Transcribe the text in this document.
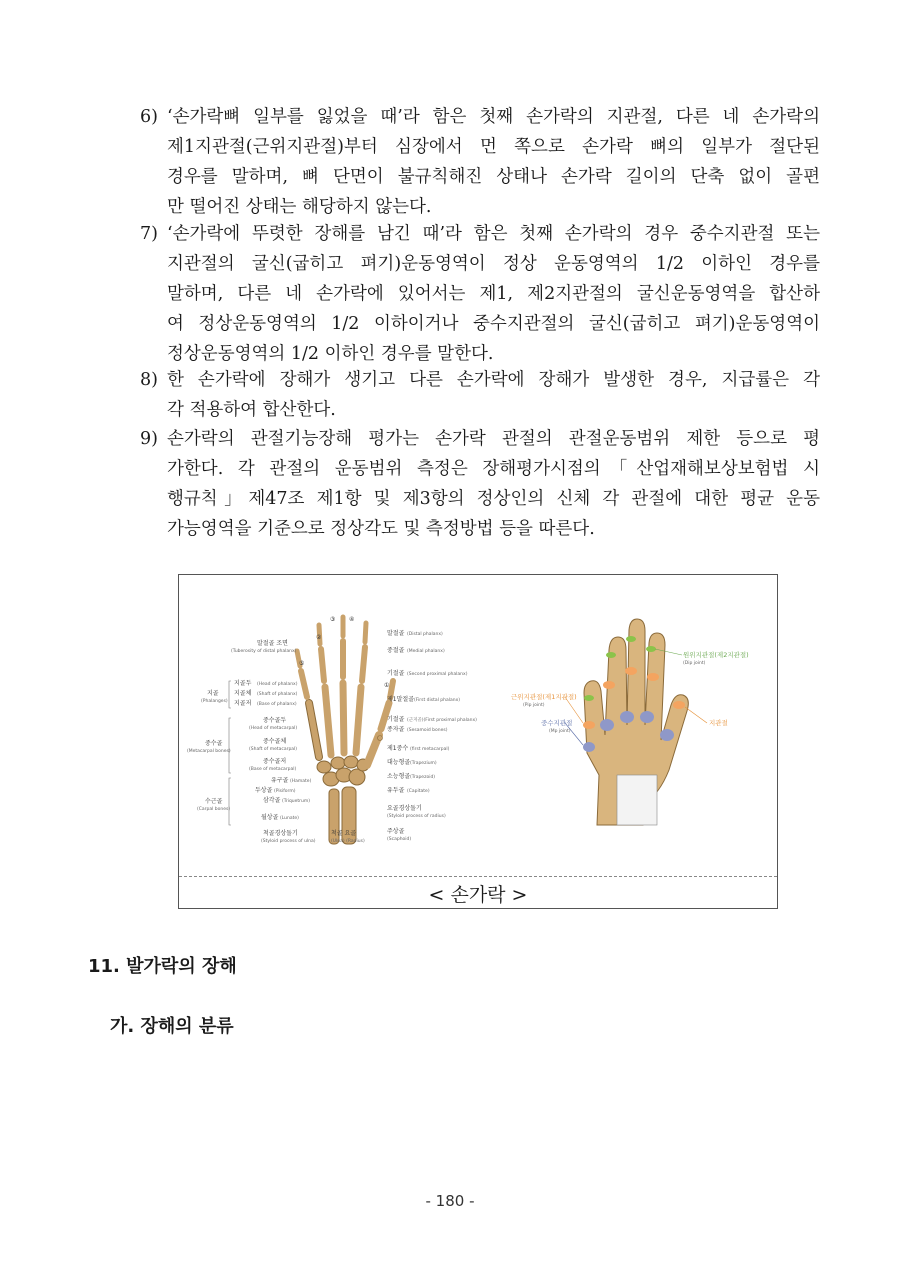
6) ‘손가락뼈 일부를 잃었을 때’라 함은 첫째 손가락의 지관절, 다른 네 손가락의
제1지관절(근위지관절)부터 심장에서 먼 쪽으로 손가락 뼈의 일부가 절단된
경우를 말하며, 뼈 단면이 불규칙해진 상태나 손가락 길이의 단축 없이 골편
만 떨어진 상태는 해당하지 않는다.
7) ‘손가락에 뚜렷한 장해를 남긴 때’라 함은 첫째 손가락의 경우 중수지관절 또는
지관절의 굴신(굽히고 펴기)운동영역이 정상 운동영역의 1/2 이하인 경우를
말하며, 다른 네 손가락에 있어서는 제1, 제2지관절의 굴신운동영역을 합산하
여 정상운동영역의 1/2 이하이거나 중수지관절의 굴신(굽히고 펴기)운동영역이
정상운동영역의 1/2 이하인 경우를 말한다.
8) 한 손가락에 장해가 생기고 다른 손가락에 장해가 발생한 경우, 지급률은 각
각 적용하여 합산한다.
9) 손가락의 관절기능장해 평가는 손가락 관절의 관절운동범위 제한 등으로 평
가한다. 각 관절의 운동범위 측정은 장해평가시점의「산업재해보상보험법 시
행규칙」제47조 제1항 및 제3항의 정상인의 신체 각 관절에 대한 평균 운동
가능영역을 기준으로 정상각도 및 측정방법 등을 따른다.
①
②
③ ④
⑤
말절골 조면
(Tuberosity of distal phalanx)
지골두 (Head of phalanx)
지골체 (Shaft of phalanx)
지골저 (Base of phalanx)
중수골두
(Head of metacarpal)
중수골체
(Shaft of metacarpal)
중수골저
(Base of metacarpal)
유구골 (Hamate)
두상골 (Pisiform)
삼각골 (Triquetrum)
월상골 (Lunate)
척골경상돌기
(Styloid process of ulna)
지골
(Phalanges)
중수골
(Metacarpal bones)
수근골
(Carpal bones)
척골 요골
(Ulna) (Radius)
말절골 (Distal phalanx)
중절골 (Medial phalanx)
기절골 (Second proximal phalanx)
제1말절골 (First distal phalanx)
기절골 (근지골)(First proximal phalanx)
종자골 (Sesamoid bones)
제1중수 (first metacarpal)
대능형골 (Trapezium)
소능형골 (Trapezoid)
유두골 (Capitate)
요골경상돌기
(Styloid process of radius)
주상골
(Scaphoid)
원위지관절(제2지관절)
(Dip joint)
근위지관절(제1지관절)
(Pip joint)
중수지관절
(Mp joint)
지관절
< 손가락 >
11. 발가락의 장해
가. 장해의 분류
- 180 -
